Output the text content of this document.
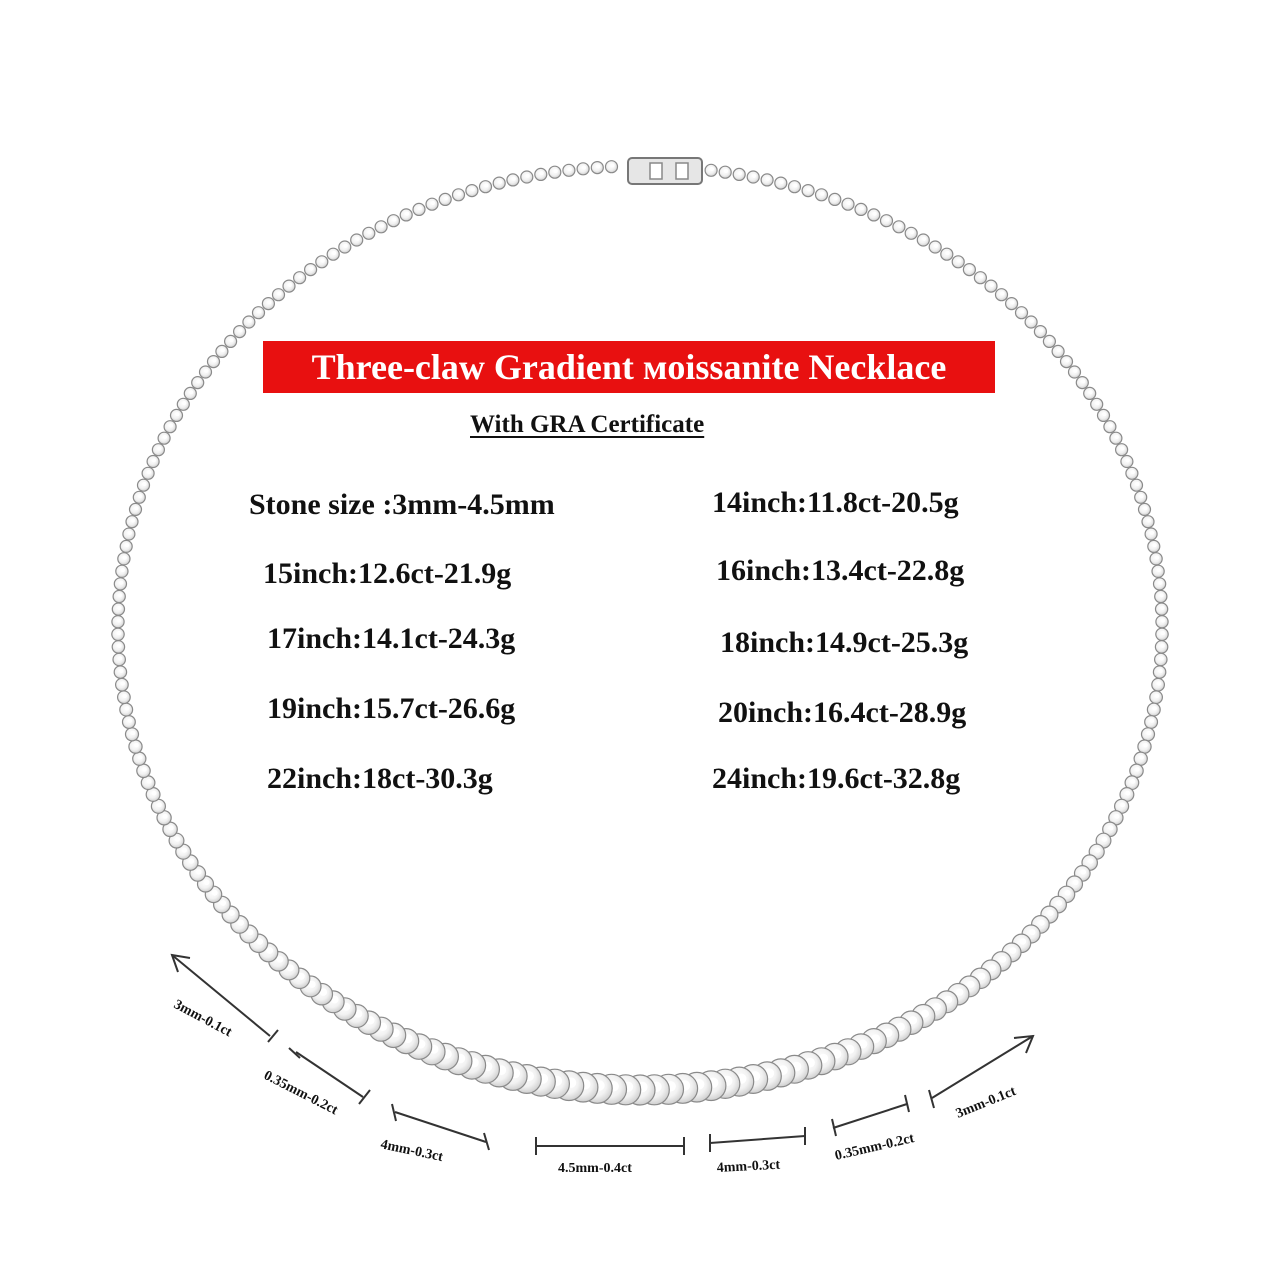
3mm-0.1ct
0.35mm-0.2ct
4mm-0.3ct
4.5mm-0.4ct	4mm-0.3ct
0.35mm-0.2ct
3mm-0.1ct
Three-claw Gradient ᴍoissanite Necklace
With GRA Certificate
Stone size :3mm-4.5mm	14inch:11.8ct-20.5g
15inch:12.6ct-21.9g	16inch:13.4ct-22.8g
17inch:14.1ct-24.3g	18inch:14.9ct-25.3g
19inch:15.7ct-26.6g	20inch:16.4ct-28.9g
22inch:18ct-30.3g	24inch:19.6ct-32.8g
